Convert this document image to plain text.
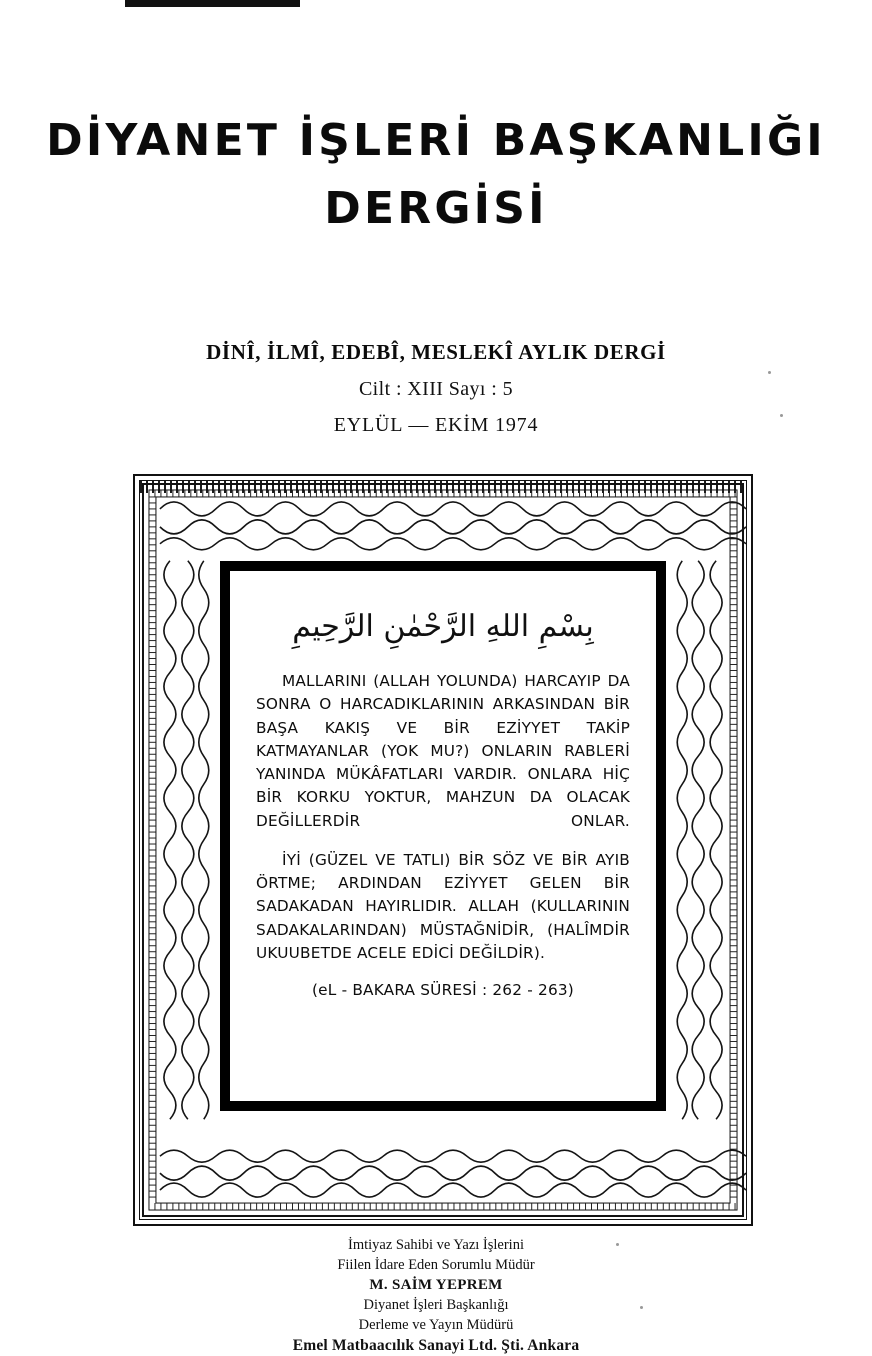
DİYANET İŞLERİ BAŞKANLIĞI
DERGİSİ
DİNÎ, İLMÎ, EDEBÎ, MESLEKÎ AYLIK DERGİ
Cilt : XIII Sayı : 5
EYLÜL — EKİM 1974
بِسْمِ اللهِ الرَّحْمٰنِ الرَّحِيمِ

MALLARINI (ALLAH YOLUNDA) HARCAYIP DA SONRA O HARCADIKLARININ ARKASINDAN BİR BAŞA KAKIŞ VE BİR EZİYYET TAKİP KATMAYANLAR (YOK MU?) ONLARIN RABLERİ YANINDA MÜKÂFATLARI VARDIR. ONLARA HİÇ BİR KORKU YOKTUR, MAHZUN DA OLACAK DEĞİLLERDİR ONLAR.

İYİ (GÜZEL VE TATLI) BİR SÖZ VE BİR AYIB ÖRTME; ARDINDAN EZİYYET GELEN BİR SADAKADAN HAYIRLIDIR. ALLAH (KULLARININ SADAKALARINDAN) MÜSTAĞNİDİR, (HALÎMDİR UKUUBETDE ACELE EDİCİ DEĞİLDİR).

(eL - BAKARA SÜRESİ : 262 - 263)
İmtiyaz Sahibi ve Yazı İşlerini
Fiilen İdare Eden Sorumlu Müdür
M. SAİM YEPREM
Diyanet İşleri Başkanlığı
Derleme ve Yayın Müdürü
Emel Matbaacılık Sanayi Ltd. Şti. Ankara
